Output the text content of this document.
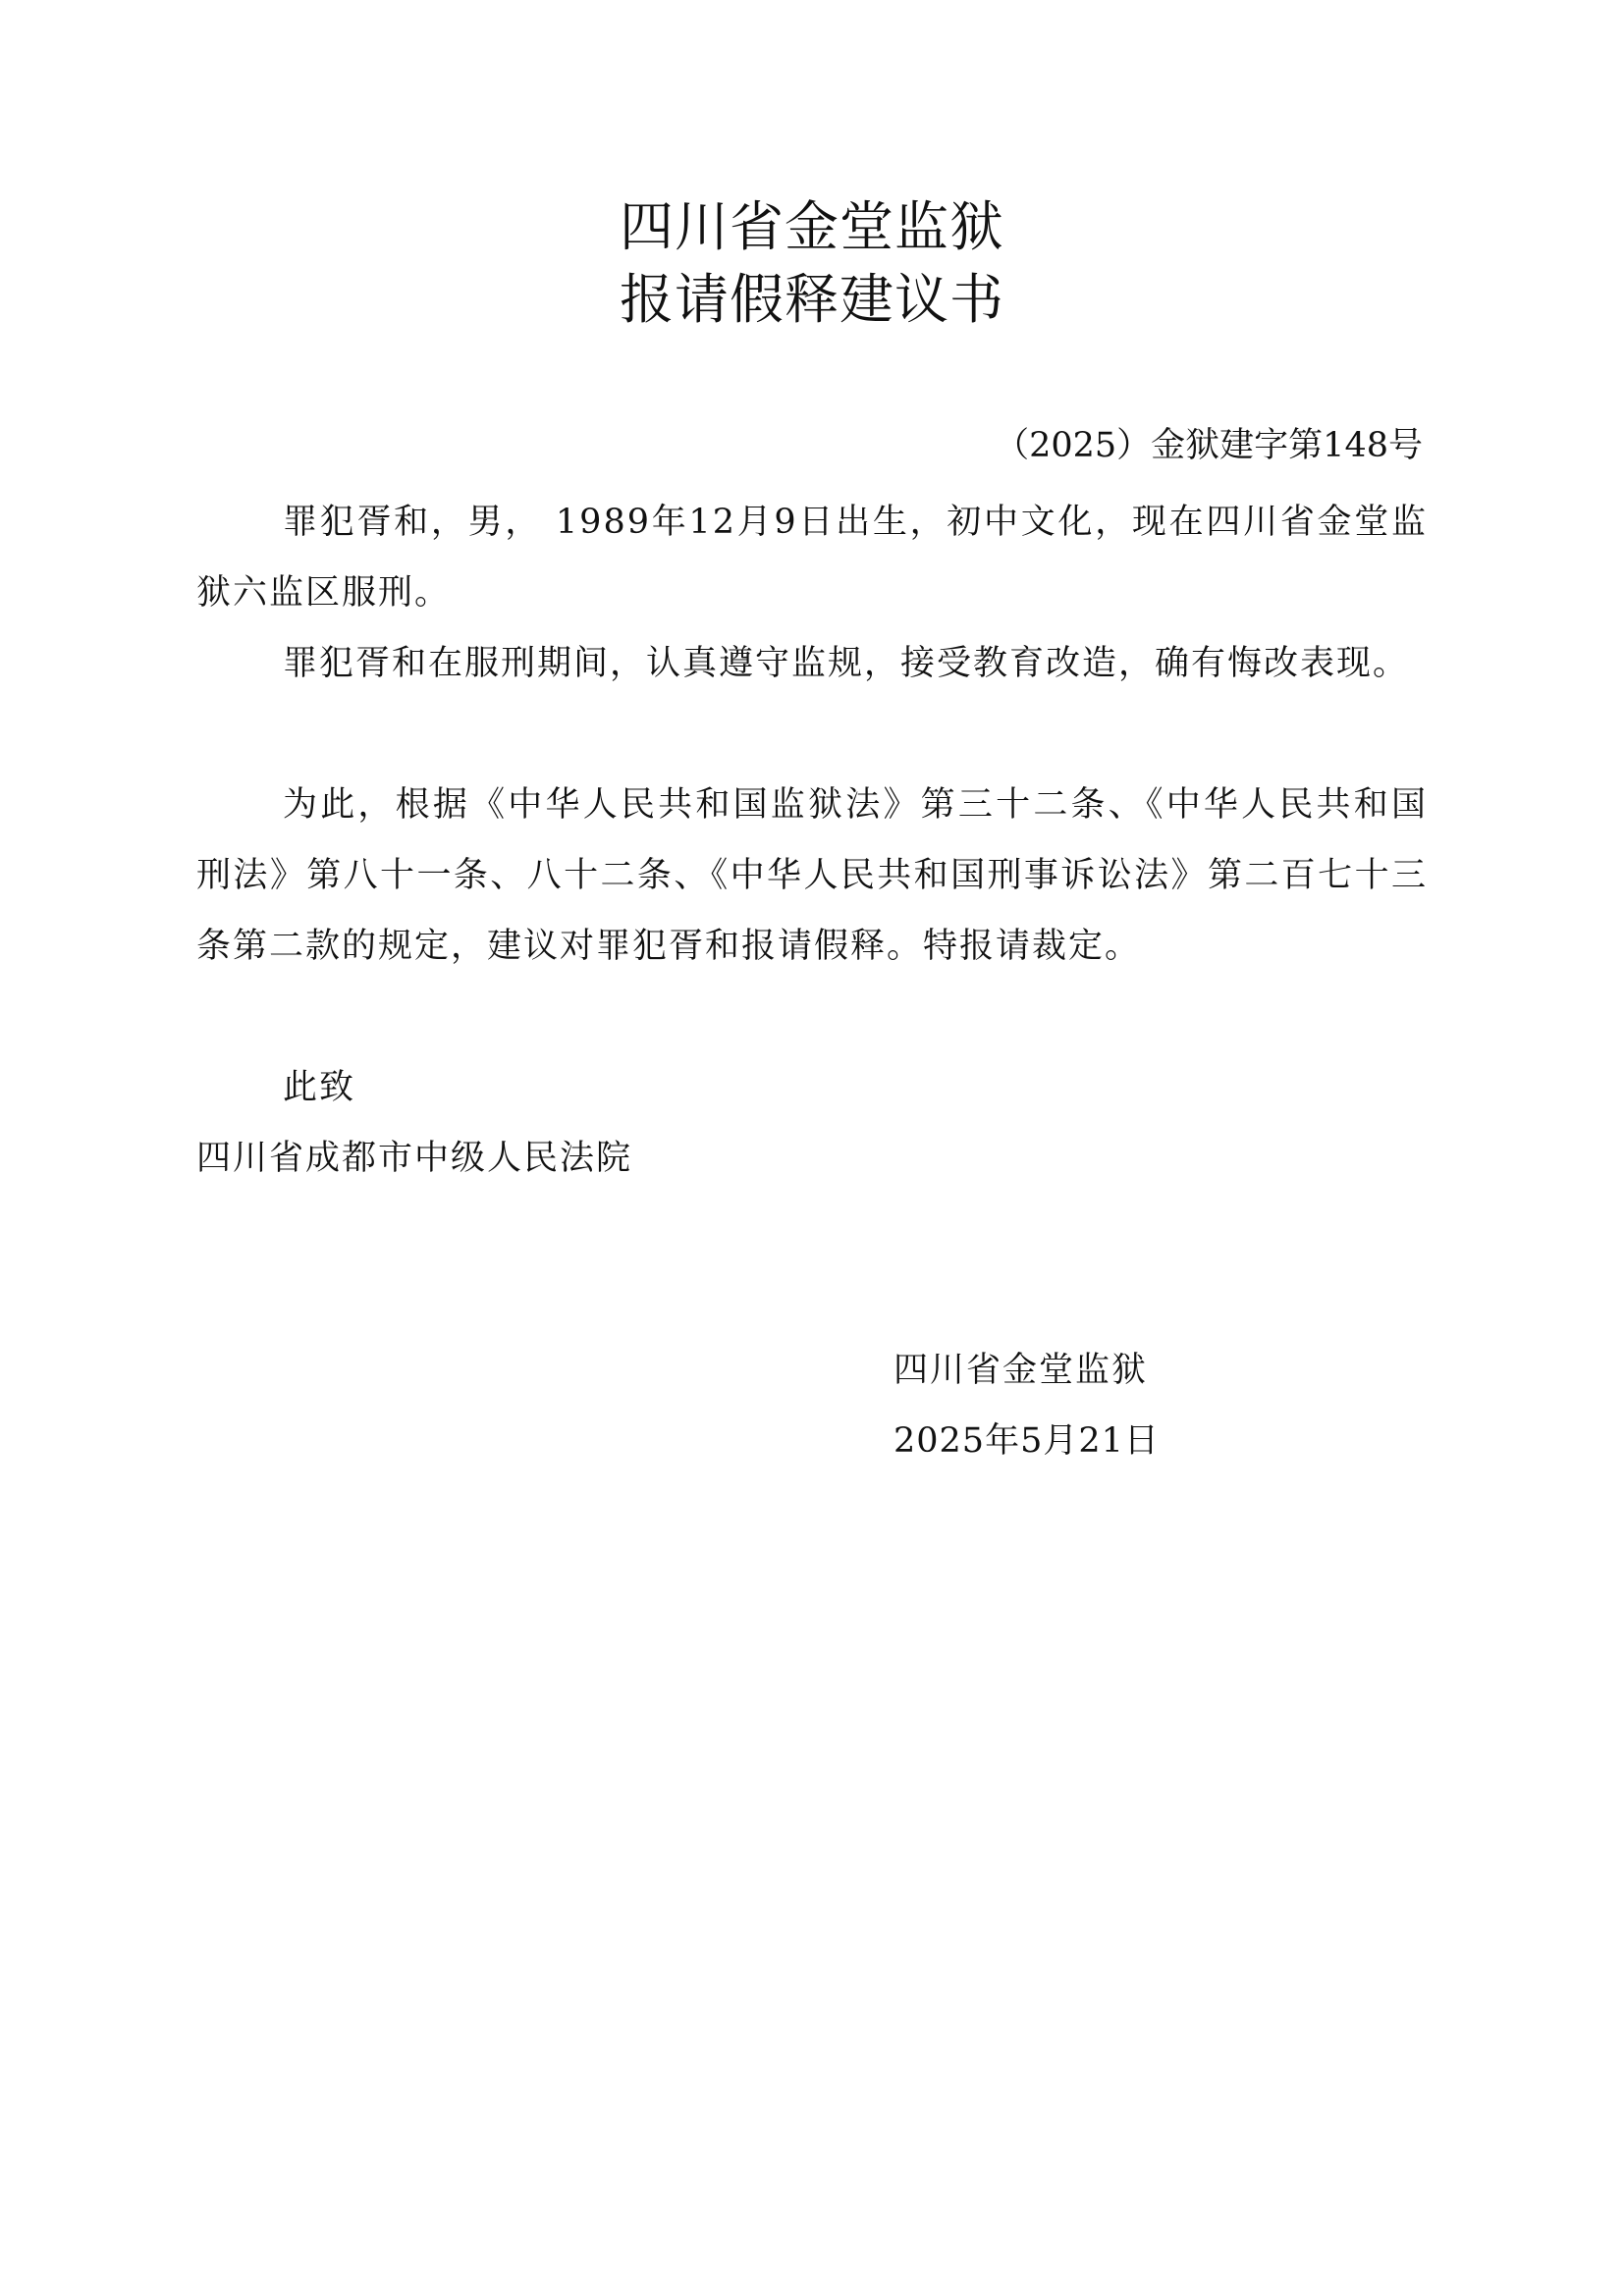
四川省金堂监狱
报请假释建议书
（2025）金狱建字第148号
罪犯胥和，男， 1989年12月9日出生，初中文化，现在四川省金堂监狱六监区服刑。
罪犯胥和在服刑期间，认真遵守监规，接受教育改造，确有悔改表现。
为此，根据《中华人民共和国监狱法》第三十二条、《中华人民共和国刑法》第八十一条、八十二条、《中华人民共和国刑事诉讼法》第二百七十三条第二款的规定，建议对罪犯胥和报请假释。特报请裁定。
此致
四川省成都市中级人民法院
四川省金堂监狱
2025年5月21日
